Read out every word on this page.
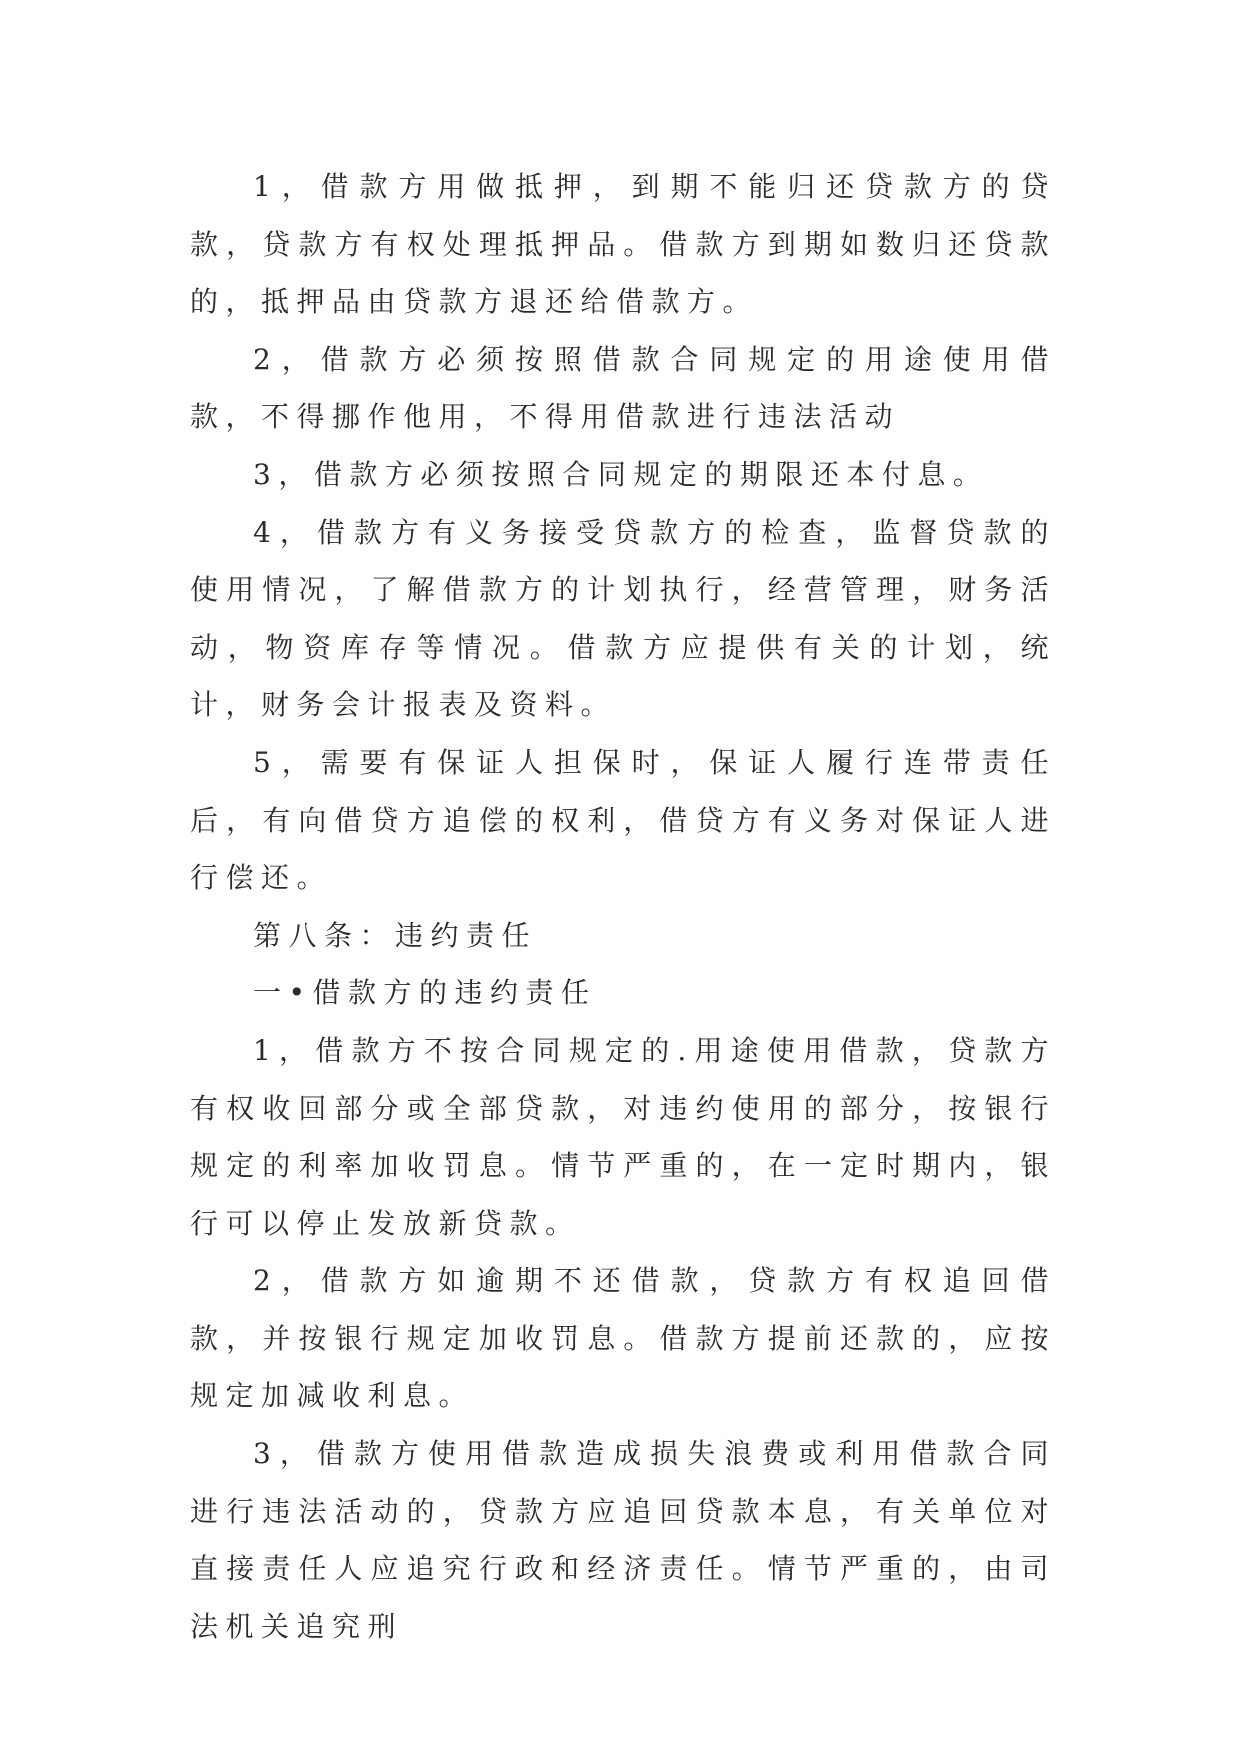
1，借款方用做抵押，到期不能归还贷款方的贷款，贷款方有权处理抵押品。借款方到期如数归还贷款的，抵押品由贷款方退还给借款方。

2，借款方必须按照借款合同规定的用途使用借款，不得挪作他用，不得用借款进行违法活动

3，借款方必须按照合同规定的期限还本付息。

4，借款方有义务接受贷款方的检查，监督贷款的使用情况，了解借款方的计划执行，经营管理，财务活动，物资库存等情况。借款方应提供有关的计划，统计，财务会计报表及资料。

5，需要有保证人担保时，保证人履行连带责任后，有向借贷方追偿的权利，借贷方有义务对保证人进行偿还。

第八条：违约责任

一•借款方的违约责任

1，借款方不按合同规定的.用途使用借款，贷款方有权收回部分或全部贷款，对违约使用的部分，按银行规定的利率加收罚息。情节严重的，在一定时期内，银行可以停止发放新贷款。

2，借款方如逾期不还借款，贷款方有权追回借款，并按银行规定加收罚息。借款方提前还款的，应按规定加减收利息。

3，借款方使用借款造成损失浪费或利用借款合同进行违法活动的，贷款方应追回贷款本息，有关单位对直接责任人应追究行政和经济责任。情节严重的，由司法机关追究刑
